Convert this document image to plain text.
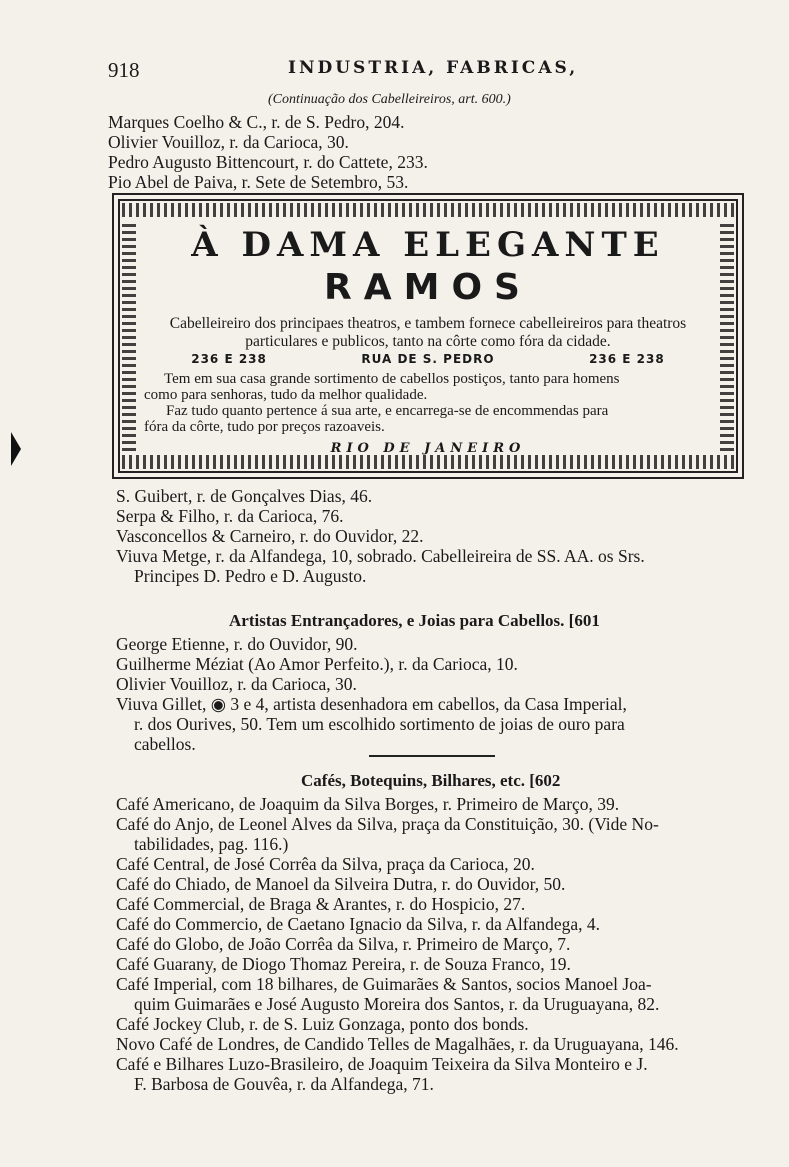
918	INDUSTRIA, FABRICAS,
(Continuação dos Cabelleireiros, art. 600.)
Marques Coelho & C., r. de S. Pedro, 204.
Olivier Vouilloz, r. da Carioca, 30.
Pedro Augusto Bittencourt, r. do Cattete, 233.
Pio Abel de Paiva, r. Sete de Setembro, 53.
À DAMA ELEGANTE
RAMOS
Cabelleireiro dos principaes theatros, e tambem fornece cabelleireiros para theatros
particulares e publicos, tanto na côrte como fóra da cidade.
236 E 238	RUA DE S. PEDRO	236 E 238
Tem em sua casa grande sortimento de cabellos postiços, tanto para homens
como para senhoras, tudo da melhor qualidade.
Faz tudo quanto pertence á sua arte, e encarrega-se de encommendas para
fóra da côrte, tudo por preços razoaveis.
RIO DE JANEIRO
S. Guibert, r. de Gonçalves Dias, 46.
Serpa & Filho, r. da Carioca, 76.
Vasconcellos & Carneiro, r. do Ouvidor, 22.
Viuva Metge, r. da Alfandega, 10, sobrado. Cabelleireira de SS. AA. os Srs.
Principes D. Pedro e D. Augusto.
Artistas Entrançadores, e Joias para Cabellos. [601
George Etienne, r. do Ouvidor, 90.
Guilherme Méziat (Ao Amor Perfeito.), r. da Carioca, 10.
Olivier Vouilloz, r. da Carioca, 30.
Viuva Gillet, ◉ 3 e 4, artista desenhadora em cabellos, da Casa Imperial,
r. dos Ourives, 50. Tem um escolhido sortimento de joias de ouro para
cabellos.
Cafés, Botequins, Bilhares, etc. [602
Café Americano, de Joaquim da Silva Borges, r. Primeiro de Março, 39.
Café do Anjo, de Leonel Alves da Silva, praça da Constituição, 30. (Vide No-
tabilidades, pag. 116.)
Café Central, de José Corrêa da Silva, praça da Carioca, 20.
Café do Chiado, de Manoel da Silveira Dutra, r. do Ouvidor, 50.
Café Commercial, de Braga & Arantes, r. do Hospicio, 27.
Café do Commercio, de Caetano Ignacio da Silva, r. da Alfandega, 4.
Café do Globo, de João Corrêa da Silva, r. Primeiro de Março, 7.
Café Guarany, de Diogo Thomaz Pereira, r. de Souza Franco, 19.
Café Imperial, com 18 bilhares, de Guimarães & Santos, socios Manoel Joa-
quim Guimarães e José Augusto Moreira dos Santos, r. da Uruguayana, 82.
Café Jockey Club, r. de S. Luiz Gonzaga, ponto dos bonds.
Novo Café de Londres, de Candido Telles de Magalhães, r. da Uruguayana, 146.
Café e Bilhares Luzo-Brasileiro, de Joaquim Teixeira da Silva Monteiro e J.
F. Barbosa de Gouvêa, r. da Alfandega, 71.
